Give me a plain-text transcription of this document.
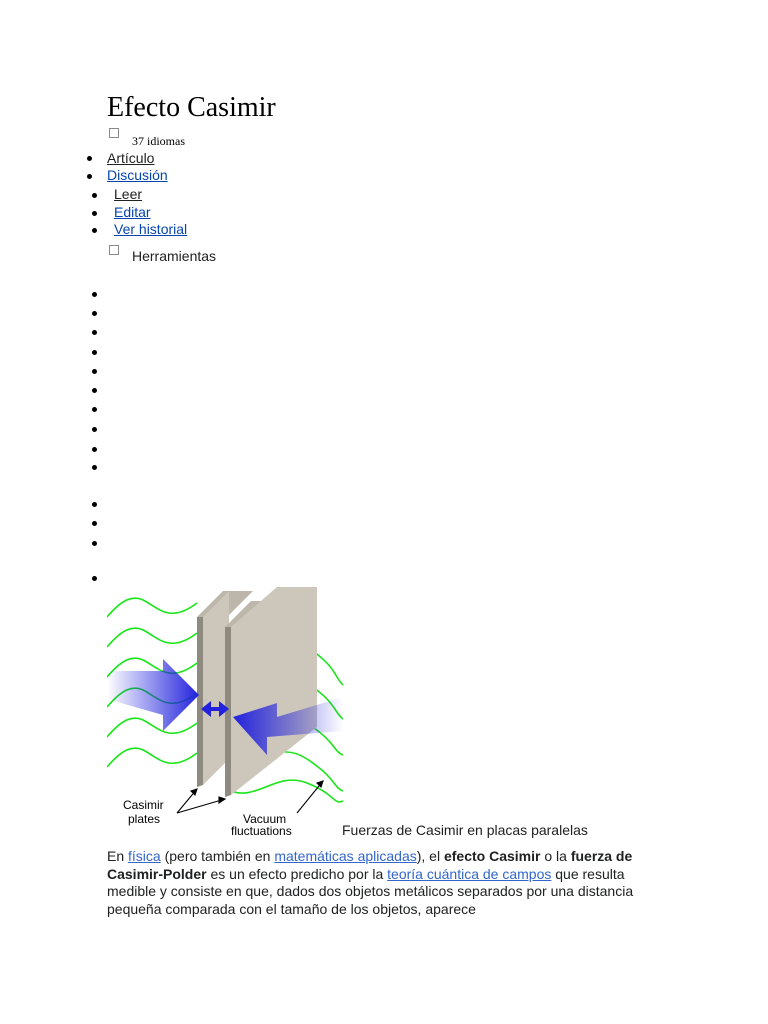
Efecto Casimir
37 idiomas
Artículo
Discusión
Leer
Editar
Ver historial
Herramientas
Casimir
plates	Vacuum
fluctuations	Fuerzas de Casimir en placas paralelas

En física (pero también en matemáticas aplicadas), el efecto Casimir o la fuerza de Casimir-Polder es un efecto predicho por la teoría cuántica de campos que resulta medible y consiste en que, dados dos objetos metálicos separados por una distancia pequeña comparada con el tamaño de los objetos, aparece
